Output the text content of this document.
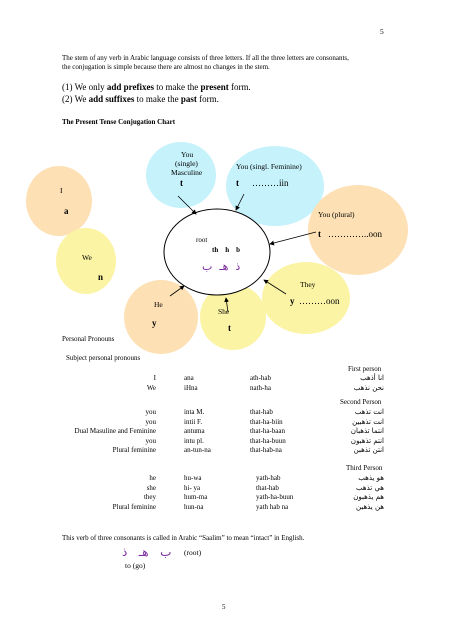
5
The stem of any verb in Arabic language consists of three letters. If all the three letters are consonants,
the conjugation is simple because there are almost no changes in the stem.
(1) We only add prefixes to make the present form.
(2) We add suffixes to make the past form.
The Present Tense Conjugation Chart
I
a
We
n
You
(single)
Masculine
t
You (singl. Feminine)
t ………iin
You (plural)
t …………..oon
root
th    h    b
ذ  هـ  ب
They
y ………oon
He
y
She
t
Personal Pronouns
Subject personal pronouns
First person
I	ana	ath-hab	انا أذهب
We	iHna	nath-ha	نحن نذهب
Second Person
you	inta M.	that-hab	انت تذهب
you	intii F.	that-ha-biin	انت تذهبين
Dual Masuline and Feminine	antuma	that-ha-baan	انتما تذهبان
you	intu pl.	that-ha-buun	انتم تذهبون
Plural feminine	an-tun-na	that-hab-na	انتن تذهبن
Third Person
he	hu-wa	yath-hab	هو يذهب
she	hi- ya	that-hab	هي تذهب
they	hum-ma	yath-ha-buun	هم يذهبون
Plural feminine	hun-na	yath hab na	هن يذهبن
This verb of three consonants is called in Arabic “Saalim” to mean “intact” in English.
ب   هـ   ذ (root)
to (go)
5
